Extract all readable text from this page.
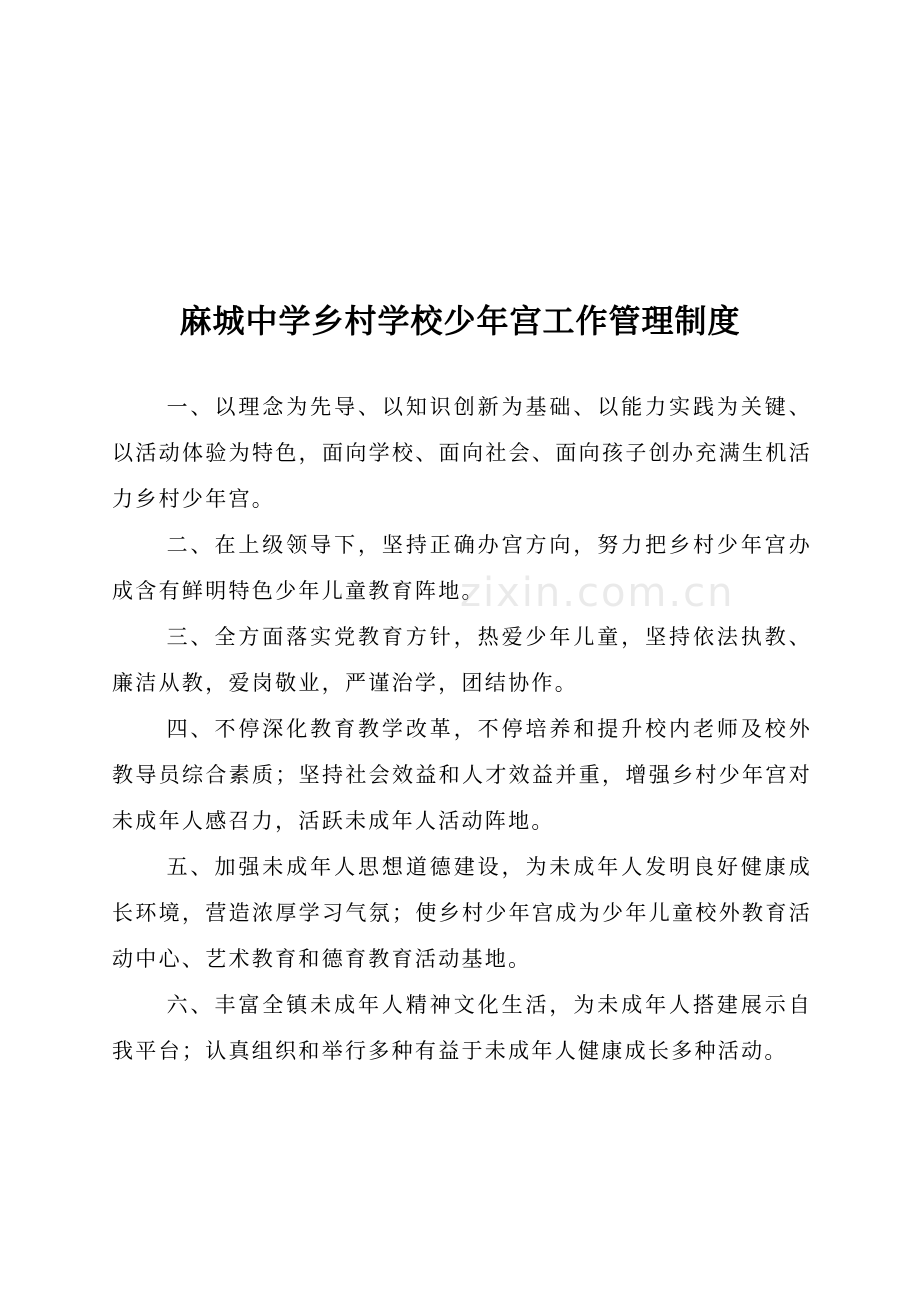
麻城中学乡村学校少年宫工作管理制度

一、以理念为先导、以知识创新为基础、以能力实践为关键、以活动体验为特色，面向学校、面向社会、面向孩子创办充满生机活力乡村少年宫。

二、在上级领导下，坚持正确办宫方向，努力把乡村少年宫办成含有鲜明特色少年儿童教育阵地。

三、全方面落实党教育方针，热爱少年儿童，坚持依法执教、廉洁从教，爱岗敬业，严谨治学，团结协作。

四、不停深化教育教学改革，不停培养和提升校内老师及校外教导员综合素质；坚持社会效益和人才效益并重，增强乡村少年宫对未成年人感召力，活跃未成年人活动阵地。

五、加强未成年人思想道德建设，为未成年人发明良好健康成长环境，营造浓厚学习气氛；使乡村少年宫成为少年儿童校外教育活动中心、艺术教育和德育教育活动基地。

六、丰富全镇未成年人精神文化生活，为未成年人搭建展示自我平台；认真组织和举行多种有益于未成年人健康成长多种活动。

zixin.com.cn
